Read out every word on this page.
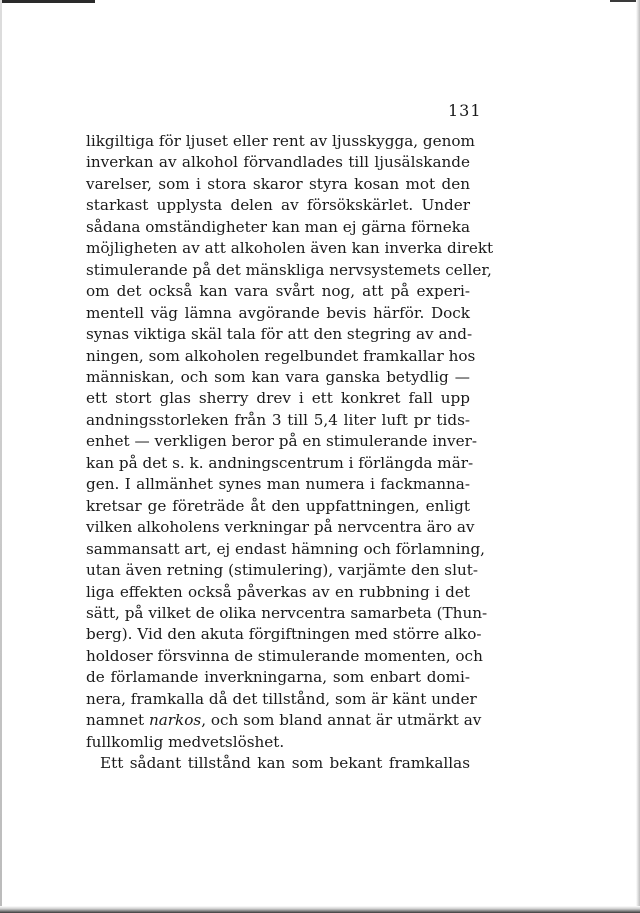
131
likgiltiga för ljuset eller rent av ljusskygga, genom
inverkan av alkohol förvandlades till ljusälskande
varelser, som i stora skaror styra kosan mot den
starkast upplysta delen av försökskärlet. Under
sådana omständigheter kan man ej gärna förneka
möjligheten av att alkoholen även kan inverka direkt
stimulerande på det mänskliga nervsystemets celler,
om det också kan vara svårt nog, att på experi-
mentell väg lämna avgörande bevis härför. Dock
synas viktiga skäl tala för att den stegring av and-
ningen, som alkoholen regelbundet framkallar hos
människan, och som kan vara ganska betydlig —
ett stort glas sherry drev i ett konkret fall upp
andningsstorleken från 3 till 5,4 liter luft pr tids-
enhet — verkligen beror på en stimulerande inver-
kan på det s. k. andningscentrum i förlängda mär-
gen. I allmänhet synes man numera i fackmanna-
kretsar ge företräde åt den uppfattningen, enligt
vilken alkoholens verkningar på nervcentra äro av
sammansatt art, ej endast hämning och förlamning,
utan även retning (stimulering), varjämte den slut-
liga effekten också påverkas av en rubbning i det
sätt, på vilket de olika nervcentra samarbeta (Thun-
berg). Vid den akuta förgiftningen med större alko-
holdoser försvinna de stimulerande momenten, och
de förlamande inverkningarna, som enbart domi-
nera, framkalla då det tillstånd, som är känt under
namnet narkos, och som bland annat är utmärkt av
fullkomlig medvetslöshet.
Ett sådant tillstånd kan som bekant framkallas
